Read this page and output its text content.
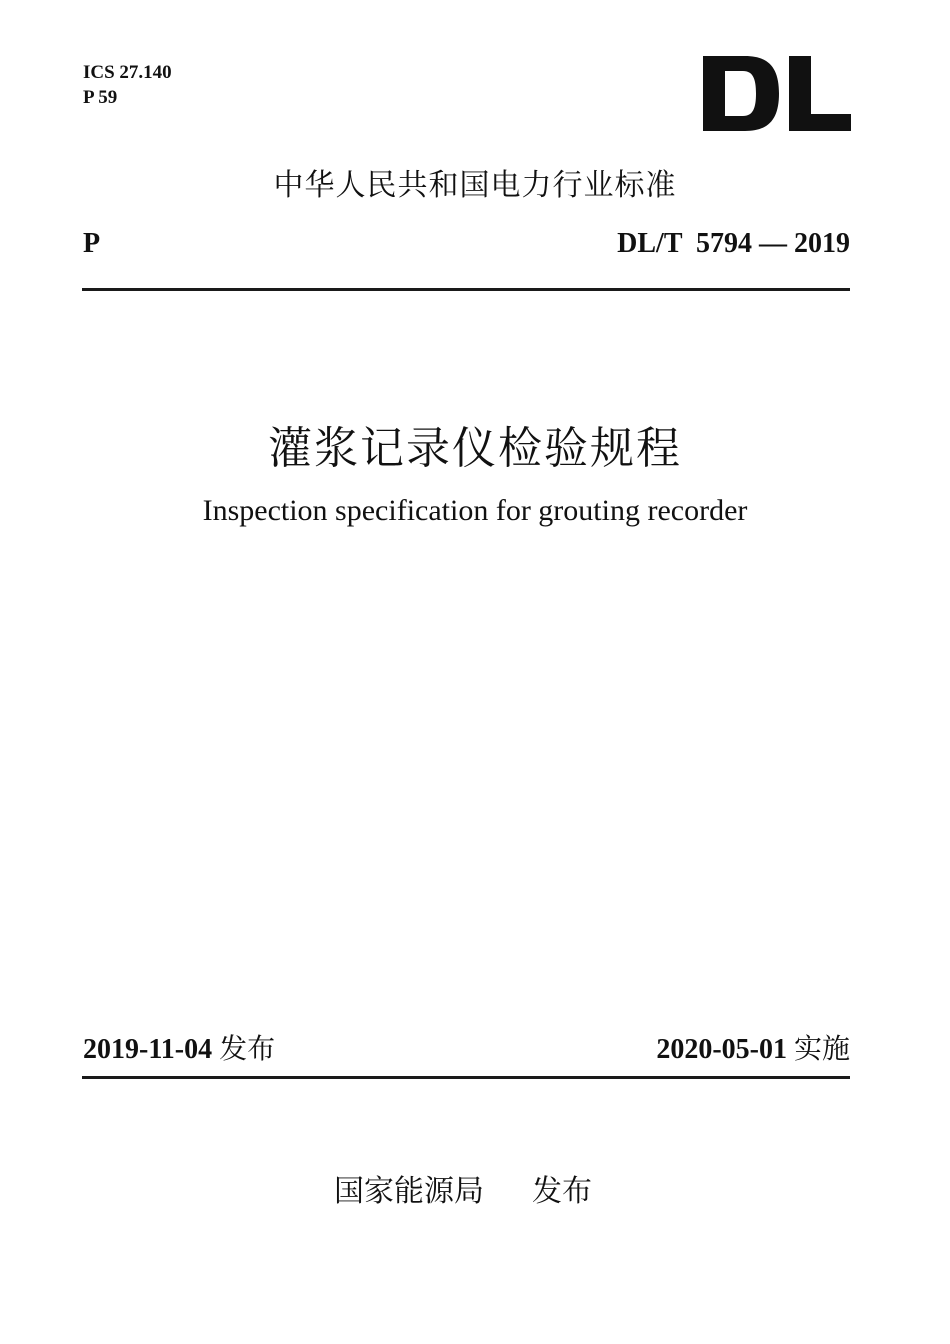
ICS 27.140
P 59
中华人民共和国电力行业标准
P	DL/T  5794 — 2019
灌浆记录仪检验规程
Inspection specification for grouting recorder
2019-11-04 发布	2020-05-01 实施
国家能源局 发布
